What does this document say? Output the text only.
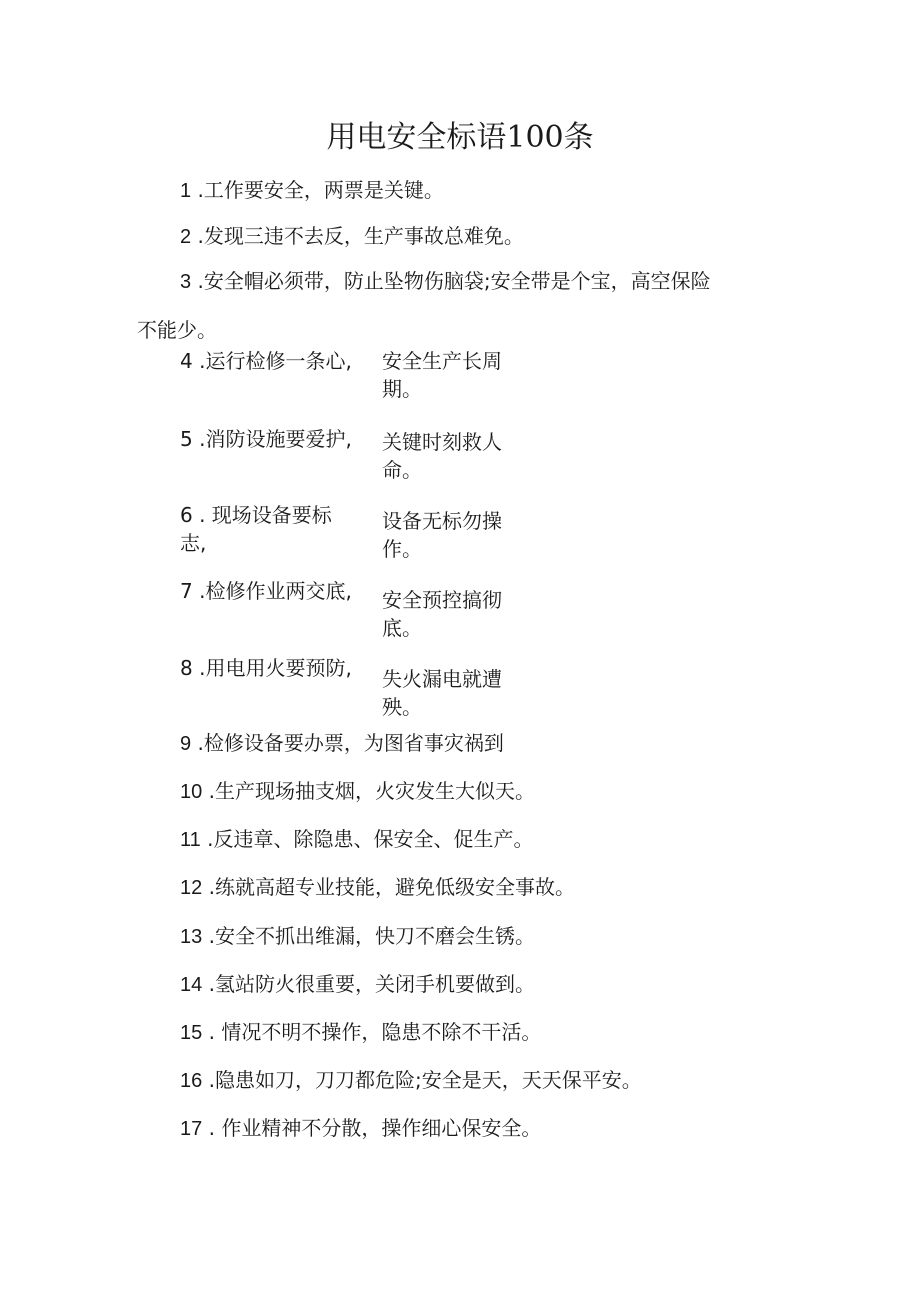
用电安全标语100条
1 .工作要安全，两票是关键。
2 .发现三违不去反，生产事故总难免。
3 .安全帽必须带，防止坠物伤脑袋;安全带是个宝，高空保险
不能少。
4 .运行检修一条心, 安全生产长周期。
5 .消防设施要爱护, 关键时刻救人命。
6 . 现场设备要标志,
设备无标勿操作。
7 .检修作业两交底, 安全预控搞彻底。
8 .用电用火要预防, 失火漏电就遭殃。
9 .检修设备要办票，为图省事灾祸到
10 .生产现场抽支烟，火灾发生大似天。
11 .反违章、除隐患、保安全、促生产。
12 .练就高超专业技能，避免低级安全事故。
13 .安全不抓出维漏，快刀不磨会生锈。
14 .氢站防火很重要，关闭手机要做到。
15 . 情况不明不操作，隐患不除不干活。
16 .隐患如刀，刀刀都危险;安全是天，天天保平安。
17 . 作业精神不分散，操作细心保安全。
